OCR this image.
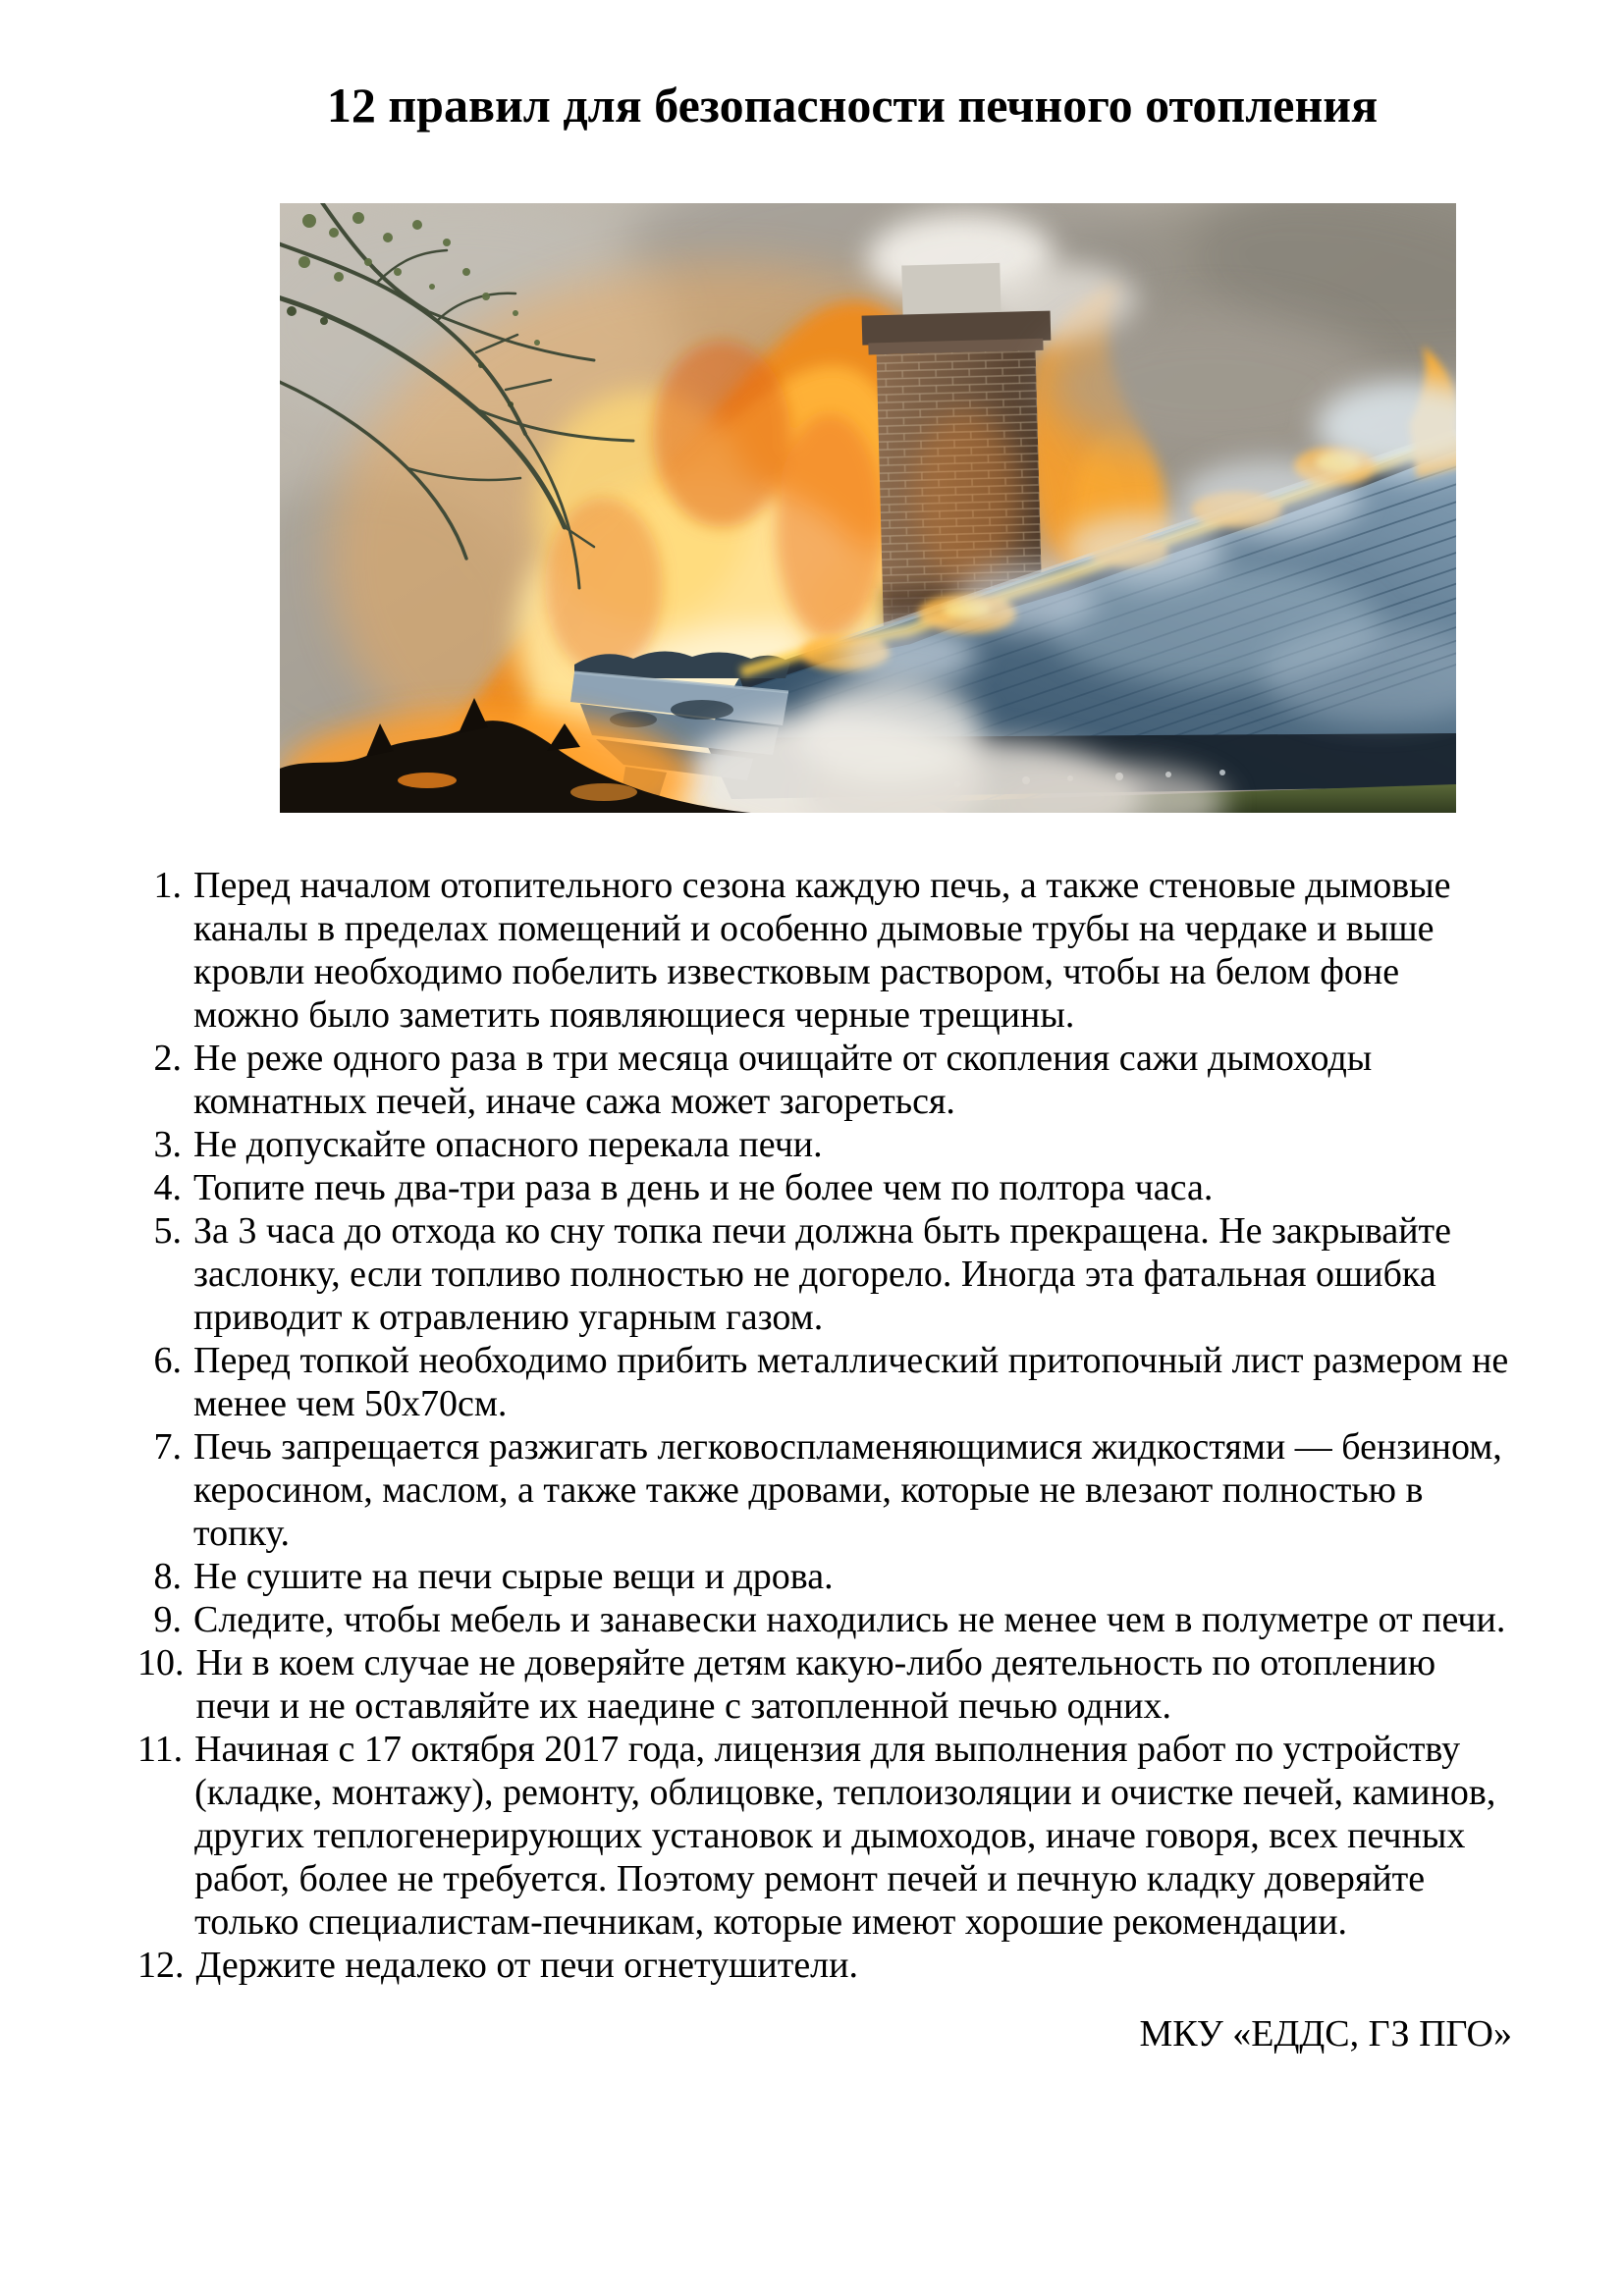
12 правил для безопасности печного отопления
1. Перед началом отопительного сезона каждую печь, а также стеновые дымовые каналы в пределах помещений и особенно дымовые трубы на чердаке и выше кровли необходимо побелить известковым раствором, чтобы на белом фоне можно было заметить появляющиеся черные трещины.
2. Не реже одного раза в три месяца очищайте от скопления сажи дымоходы комнатных печей, иначе сажа может загореться.
3. Не допускайте опасного перекала печи.
4. Топите печь два-три раза в день и не более чем по полтора часа.
5. За 3 часа до отхода ко сну топка печи должна быть прекращена. Не закрывайте заслонку, если топливо полностью не догорело. Иногда эта фатальная ошибка приводит к отравлению угарным газом.
6. Перед топкой необходимо прибить металлический притопочный лист размером не менее чем 50х70см.
7. Печь запрещается разжигать легковоспламеняющимися жидкостями — бензином, керосином, маслом, а также также дровами, которые не влезают полностью в топку.
8. Не сушите на печи сырые вещи и дрова.
9. Следите, чтобы мебель и занавески находились не менее чем в полуметре от печи.
10. Ни в коем случае не доверяйте детям какую-либо деятельность по отоплению печи и не оставляйте их наедине с затопленной печью одних.
11. Начиная с 17 октября 2017 года, лицензия для выполнения работ по устройству (кладке, монтажу), ремонту, облицовке, теплоизоляции и очистке печей, каминов, других теплогенерирующих установок и дымоходов, иначе говоря, всех печных работ, более не требуется. Поэтому ремонт печей и печную кладку доверяйте только специалистам-печникам, которые имеют хорошие рекомендации.
12. Держите недалеко от печи огнетушители.
МКУ «ЕДДС, ГЗ ПГО»
